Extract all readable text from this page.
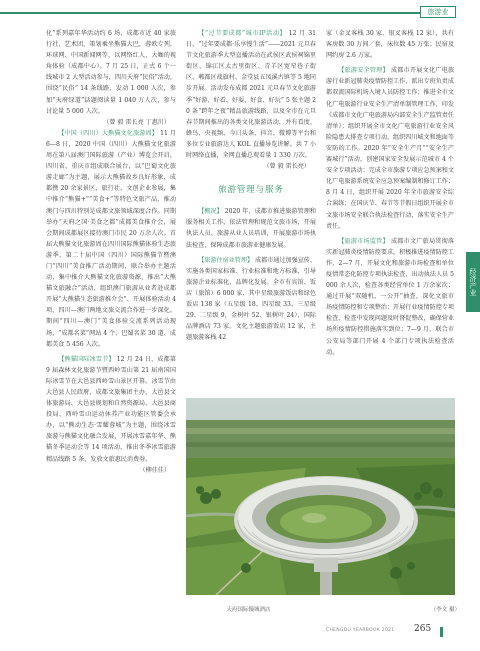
旅游业

化”系列嘉年华活动约 6 场，成都市近 40 家旅行社、艺术团，策划乘坐熊猫大巴，蓉欧专列，环球网、中国新闻网等，以网络红人、大咖的视角体验（成都中心）。7 月 25 日，正式 6 个一线城市 2 大型活动参与，四川天府“民俗”活动，围绕“民俗” 14 条线路、发动 1 000 人次，参加“天府绿道”话题阅读量 1 040 万人次，参与讨论量 5 000 人次。

（曾 毅 雷长亮 丁惠川）

【中国（四川）大熊猫文化旅游周】 11 月 6—8 日，2020 中国（四川）大熊猫文化旅游周在第八届澳门国际旅游（产业）博览会开启，四川省、重庆市组成联合展台，以“巴蜀文化旅游走廊”为主题，展示大熊猫故乡良好形象，成都携 20 余家景区、旅行社、文创企业参展，集中推介“熊猫+”“美食+”等特色文旅产品，推动澳门与四川特别是成都文旅领域深度合作。同期举办“天府之国·美食之都”成都美食推介会，展会期间成都展区接待澳门市民 20 万余人次。首届大熊猫文化旅游周在四川国际熊猫体验生态旅游季、第二十届中国（四川）国际熊猫节暨澳门“四川”美食推广活动期间，联合举办主题活动，集中推介大熊猫文化旅游资源，推出“大熊猫文旅融合”活动，组织澳门旅游从业者赴成都开展“大熊猫生态旅游推介会”、开展体验活动 4 项，四川—澳门两地文旅交流合作进一步深化。期间“四川—澳门”美食体验交流系列活动现场、“成都名菜”网站 4 个、巴蜀名菜 30 道、成都美食 5 456 人次。

【熊猫国际冰雪节】 12 月 24 日，成都第 9 届森林文化旅游节暨西岭雪山第 21 届南国国际冰雪节在大邑县西岭雪山景区开幕。冰雪节由大邑县人民政府、成都文旅集团主办，大邑县文体旅游局、大邑县规划和自然资源局、大邑县商投局、西岭雪山运动休养产业功能区管委会承办，以“熊动生态·雪耀蓉城”为主题，围绕冰雪旅游与熊猫文化融合发展，开展冰雪嘉年华、熊猫冬季运动会等 14 项活动，推出冬季冰雪旅游精品线路 5 条，发放文旅惠民消费券。

（柳佳佳）

【“过节要成都”城市IP活动】 12 月 31 日，“过年要成都·乐享慢生活”——2021 元旦春节文化旅游季大型直播活动在武侯区武侯祠锦里街区、锦江区太古里街区、青羊区宽窄巷子街区、郫都区战旗村、金堂县五凤溪古镇等 5 地同步开展。活动发布成都 2021 元旦春节文化旅游季“好游、好看、好耍、好食、好玩” 5 张主题 20 条“跨年之夜”精品旅游线路，以及全市在元旦春节期间推出的各类文化旅游活动，并有看度、蜂鸟、央视频、今日头条、抖音、微博等平台和多位专业旅游达人 KOL 直播导览讲解。共 7 小时网络直播，全网直播总观看量 1 330 万次。

（曾 毅 雷长亮）
旅游管理与服务

【概况】 2020 年，成都市推进旅游管理和服务相关工作，依法管理和规范文旅市场，开展执法人员、旅游从业人员培训，开展旅游市场执法检查，保障成都市旅游业健康发展。

【旅游住宿业管理】 成都市通过加强宣传、实施各类国家标准、行业标准和地方标准，引导旅游企业标准化、品牌化发展。全市有宾馆、饭店（旅馆）6 000 家，其中星级旅游饭店和绿色饭店 138 家（五星级 18、四星级 33、三星级 29、二星级 9，金树叶 52、银树叶 24），国际品牌酒店 73 家。文化主题旅游饭店 12 家，主题旅游客栈 42

家（金叉客栈 30 家、银叉客栈 12 家），共有客房数 30 万间／套，床位数 45 万张；民宿及网约房 2.6 万家。

【旅游安全管理】 成都市开展文化广电旅游行业新冠肺炎疫情防控工作，派出专班负责成都双流国际机场入境人员防控工作；推进全市文化广电旅游行业安全生产清单制管理工作，印发《成都市文化广电旅游局内部安全生产监管责任清单》；组织开展全市文化广电旅游行业安全风险隐患大排查专项行动，组织四川城文和地面等安防的工作。2020 年“安全生产月”“安全生产赛城行”活动，创建国家安全发展示范城市 4 个安全专项活动；完成全市旅游专项应急预案和文化广电旅游系统安全应急预案编制和修订工作；8 月 4 日，组织开展 2020 年全市旅游安全综合演练；在国庆节、春节等节假日组织开展全市文旅市场安全联合执法检查行动，落实安全生产责任。

【旅游市场监管】 成都市文广旅局贯彻落实新冠肺炎疫情防控要求，积极推进疫情防控工作，2—7 月，开展文化和旅游市场检查和单位疫情常态化防控专项执法检查，出动执法人员 5 000 余人次，检查各类经营单位 1 万余家次；通过开展“双随机、一公开”抽查，深化文旅市场疫情防控和专项整治；开展行业疫情防控专项检查，检查中发现问题及时督促整改，确保营业场所疫情防控措施落实到位；7—9 月，联合市公安局等部门开展 4 个部门专项执法检查活动。

经济产业
天府国际慢城酒店	（李文 摄）
CHENGDU YEARBOOK 2021 265
